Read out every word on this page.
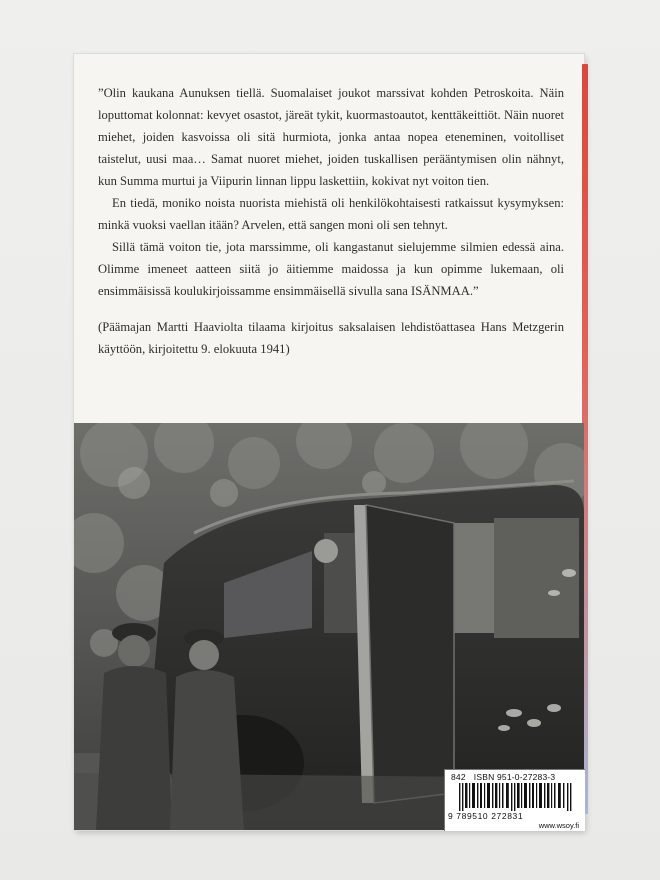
”Olin kaukana Aunuksen tiellä. Suomalaiset joukot marssivat kohden Petroskoita. Näin loputtomat kolonnat: kevyet osastot, järeät tykit, kuormastoautot, kenttäkeittiöt. Näin nuoret miehet, joiden kasvoissa oli sitä hurmiota, jonka antaa nopea eteneminen, voitolliset taistelut, uusi maa… Samat nuoret miehet, joiden tuskallisen perääntymisen olin nähnyt, kun Summa murtui ja Viipurin linnan lippu laskettiin, kokivat nyt voiton tien.

En tiedä, moniko noista nuorista miehistä oli henkilökohtaisesti ratkaissut kysymyksen: minkä vuoksi vaellan itään? Arvelen, että sangen moni oli sen tehnyt.

Sillä tämä voiton tie, jota marssimme, oli kangastanut sielujemme silmien edessä aina. Olimme imeneet aatteen siitä jo äitiemme maidossa ja kun opimme lukemaan, oli ensimmäisissä koulukirjoissamme ensimmäisellä sivulla sana ISÄNMAA.”

(Päämajan Martti Haaviolta tilaama kirjoitus saksalaisen lehdistöattasea Hans Metzgerin käyttöön, kirjoitettu 9. elokuuta 1941)

842 ISBN 951-0-27283-3
9 789510 272831
www.wsoy.fi
